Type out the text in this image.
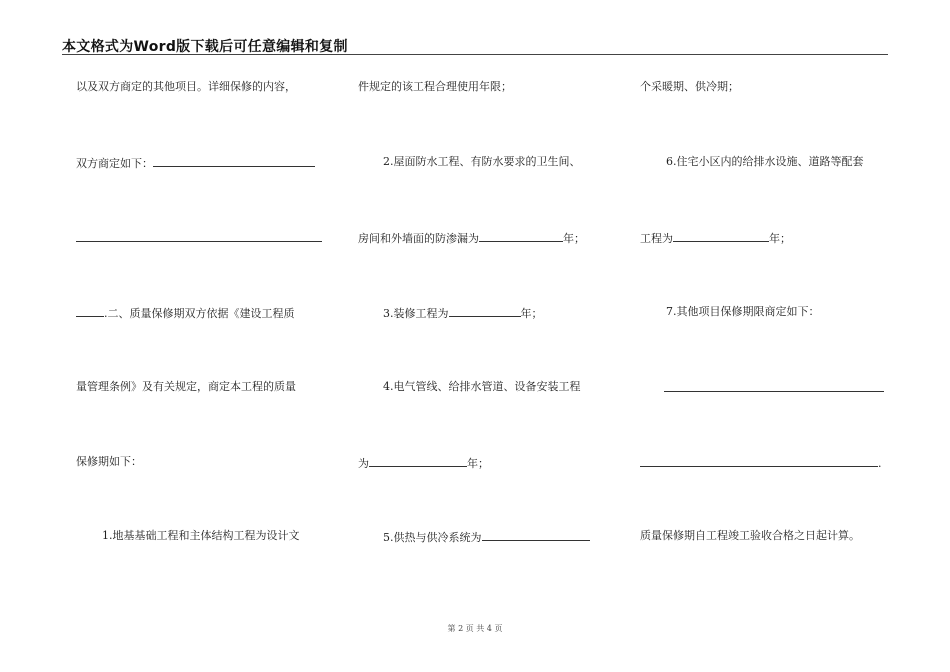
本文格式为Word版下载后可任意编辑和复制
以及双方商定的其他项目。详细保修的内容，
双方商定如下：
.二、质量保修期双方依据《建设工程质
量管理条例》及有关规定，商定本工程的质量
保修期如下：
1.地基基础工程和主体结构工程为设计文
件规定的该工程合理使用年限；
2.屋面防水工程、有防水要求的卫生间、
房间和外墙面的防渗漏为	年；
3.装修工程为	年；
4.电气管线、给排水管道、设备安装工程
为	年；
5.供热与供冷系统为
个采暖期、供冷期；
6.住宅小区内的给排水设施、道路等配套
工程为	年；
7.其他项目保修期限商定如下：
.
质量保修期自工程竣工验收合格之日起计算。
第 2 页 共 4 页
